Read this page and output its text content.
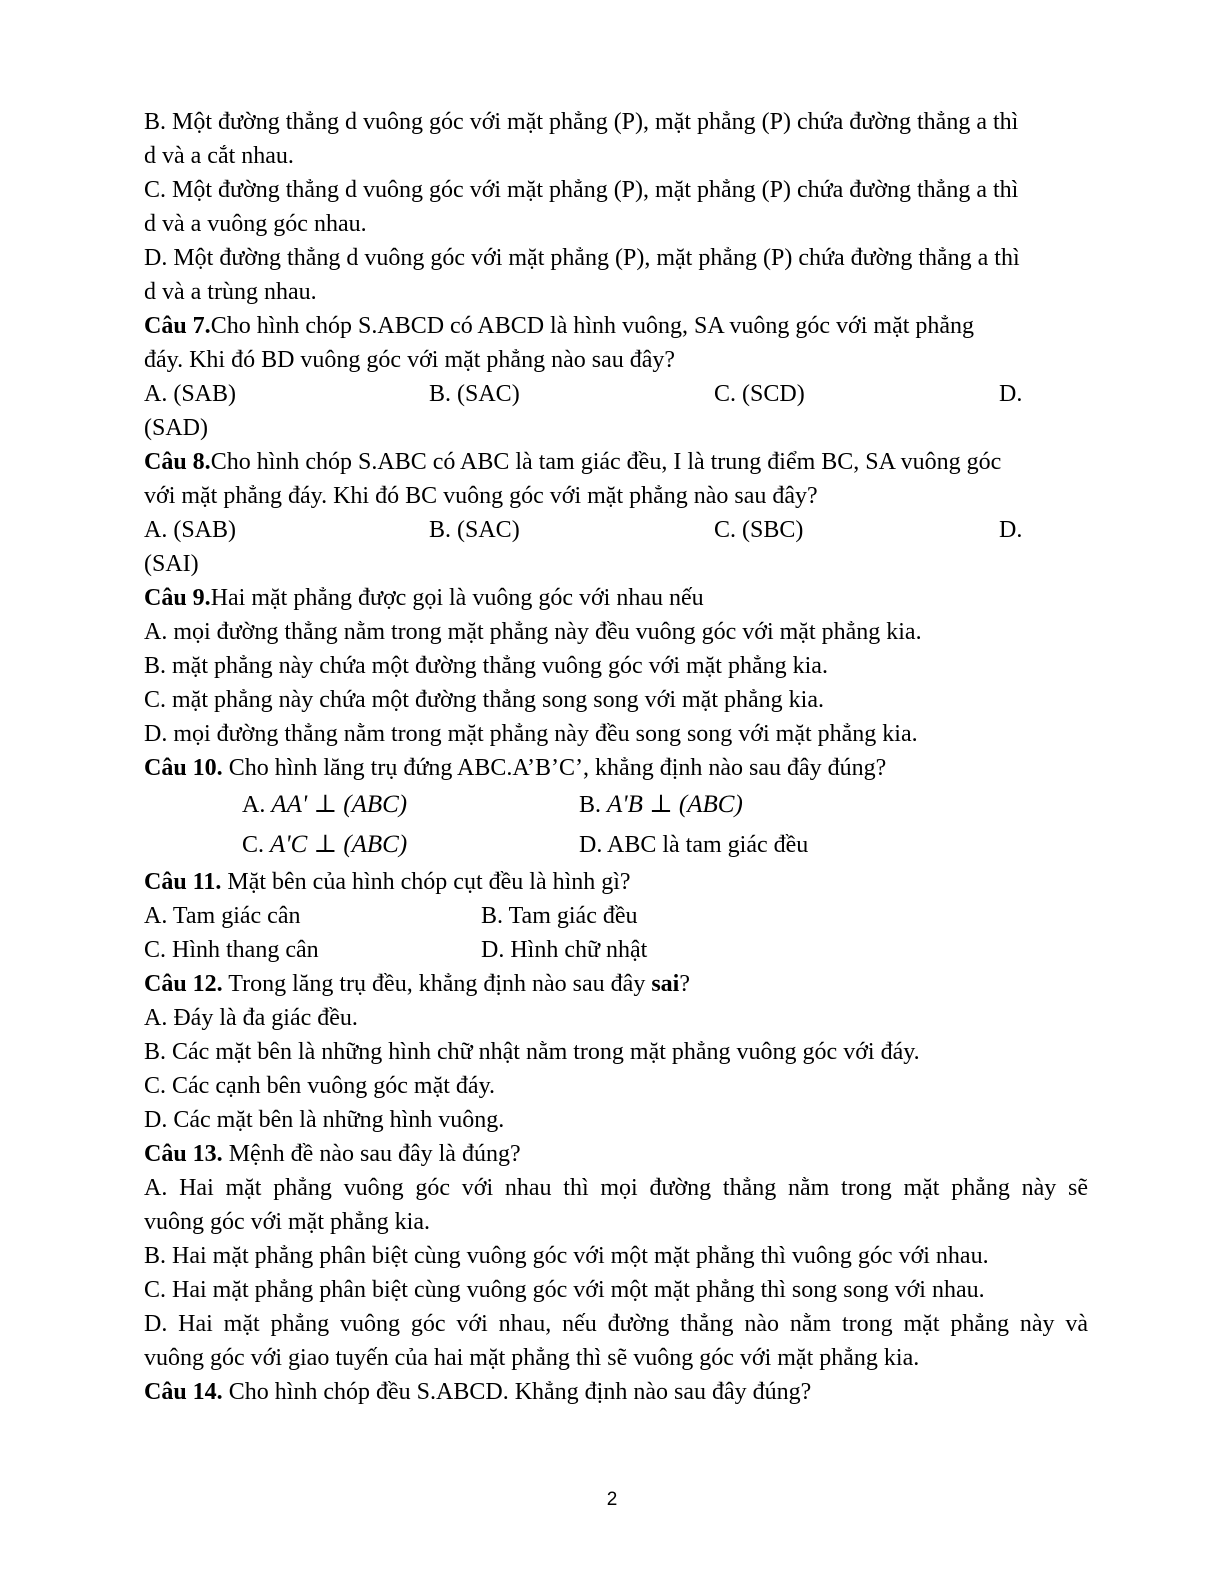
B. Một đường thẳng d vuông góc với mặt phẳng (P), mặt phẳng (P) chứa đường thẳng a thì

d và a cắt nhau.

C. Một đường thẳng d vuông góc với mặt phẳng (P), mặt phẳng (P) chứa đường thẳng a thì

d và a vuông góc nhau.

D. Một đường thẳng d vuông góc với mặt phẳng (P), mặt phẳng (P) chứa đường thẳng a thì

d và a trùng nhau.

Câu 7.Cho hình chóp S.ABCD có ABCD là hình vuông, SA vuông góc với mặt phẳng

đáy. Khi đó BD vuông góc với mặt phẳng nào sau đây?

A. (SAB)	B. (SAC)	C. (SCD)	D.

(SAD)

Câu 8.Cho hình chóp S.ABC có ABC là tam giác đều, I là trung điểm BC, SA vuông góc

với mặt phẳng đáy. Khi đó BC vuông góc với mặt phẳng nào sau đây?

A. (SAB)	B. (SAC)	C. (SBC)	D.

(SAI)

Câu 9.Hai mặt phẳng được gọi là vuông góc với nhau nếu

A. mọi đường thẳng nằm trong mặt phẳng này đều vuông góc với mặt phẳng kia.

B. mặt phẳng này chứa một đường thẳng vuông góc với mặt phẳng kia.

C. mặt phẳng này chứa một đường thẳng song song với mặt phẳng kia.

D. mọi đường thẳng nằm trong mặt phẳng này đều song song với mặt phẳng kia.

Câu 10. Cho hình lăng trụ đứng ABC.A’B’C’, khẳng định nào sau đây đúng?

A. AA' ⊥ (ABC)	B. A'B ⊥ (ABC)
C. A'C ⊥ (ABC)	D. ABC là tam giác đều

Câu 11. Mặt bên của hình chóp cụt đều là hình gì?

A. Tam giác cân	B. Tam giác đều
C. Hình thang cân	D. Hình chữ nhật

Câu 12. Trong lăng trụ đều, khẳng định nào sau đây sai?

A. Đáy là đa giác đều.

B. Các mặt bên là những hình chữ nhật nằm trong mặt phẳng vuông góc với đáy.

C. Các cạnh bên vuông góc mặt đáy.

D. Các mặt bên là những hình vuông.

Câu 13. Mệnh đề nào sau đây là đúng?

A. Hai mặt phẳng vuông góc với nhau thì mọi đường thẳng nằm trong mặt phẳng này sẽ

vuông góc với mặt phẳng kia.

B. Hai mặt phẳng phân biệt cùng vuông góc với một mặt phẳng thì vuông góc với nhau.

C. Hai mặt phẳng phân biệt cùng vuông góc với một mặt phẳng thì song song với nhau.

D. Hai mặt phẳng vuông góc với nhau, nếu đường thẳng nào nằm trong mặt phẳng này và

vuông góc với giao tuyến của hai mặt phẳng thì sẽ vuông góc với mặt phẳng kia.

Câu 14. Cho hình chóp đều S.ABCD. Khẳng định nào sau đây đúng?

2
